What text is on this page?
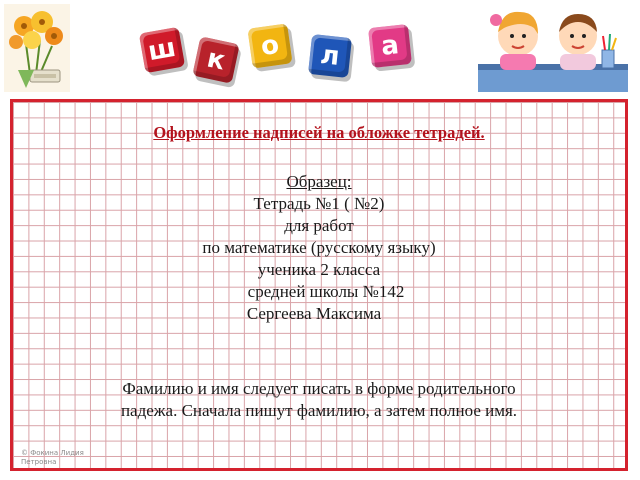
ш	к	о	л	а
Оформление надписей на обложке тетрадей.
Образец:
Тетрадь №1 ( №2)
для работ
по математике (русскому языку)
ученика 2 класса
средней школы №142
Сергеева Максима
Фамилию и имя следует писать в форме родительного
падежа. Сначала пишут фамилию, а затем полное имя.
© Фокина Лидия Петровна
